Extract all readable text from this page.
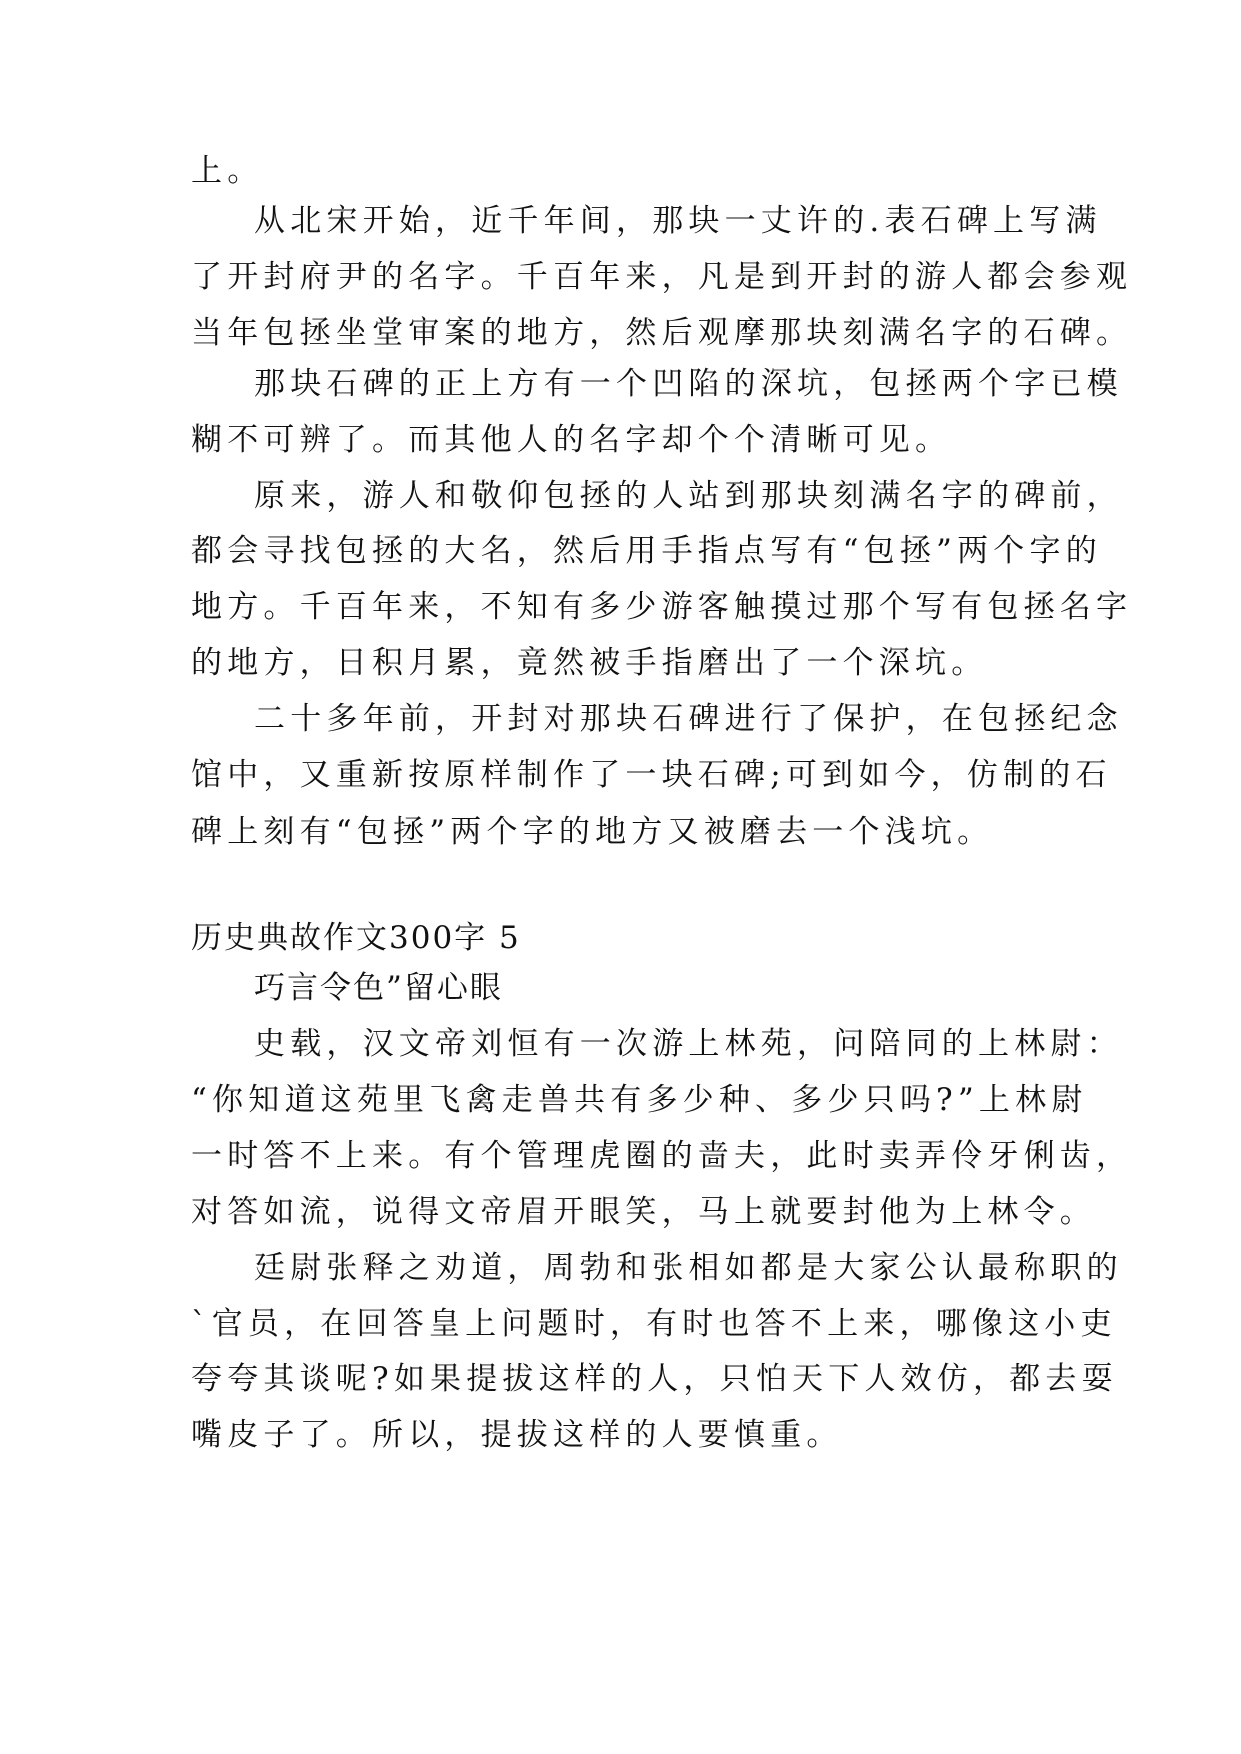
上。
从北宋开始，近千年间，那块一丈许的.表石碑上写满
了开封府尹的名字。千百年来，凡是到开封的游人都会参观
当年包拯坐堂审案的地方，然后观摩那块刻满名字的石碑。
那块石碑的正上方有一个凹陷的深坑，包拯两个字已模
糊不可辨了。而其他人的名字却个个清晰可见。
原来，游人和敬仰包拯的人站到那块刻满名字的碑前，
都会寻找包拯的大名，然后用手指点写有“包拯”两个字的
地方。千百年来，不知有多少游客触摸过那个写有包拯名字
的地方，日积月累，竟然被手指磨出了一个深坑。
二十多年前，开封对那块石碑进行了保护，在包拯纪念
馆中，又重新按原样制作了一块石碑;可到如今，仿制的石
碑上刻有“包拯”两个字的地方又被磨去一个浅坑。
历史典故作文300字 5
巧言令色”留心眼
史载，汉文帝刘恒有一次游上林苑，问陪同的上林尉：
“你知道这苑里飞禽走兽共有多少种、多少只吗?”上林尉
一时答不上来。有个管理虎圈的啬夫，此时卖弄伶牙俐齿，
对答如流，说得文帝眉开眼笑，马上就要封他为上林令。
廷尉张释之劝道，周勃和张相如都是大家公认最称职的
`官员，在回答皇上问题时，有时也答不上来，哪像这小吏
夸夸其谈呢?如果提拔这样的人，只怕天下人效仿，都去耍
嘴皮子了。所以，提拔这样的人要慎重。
